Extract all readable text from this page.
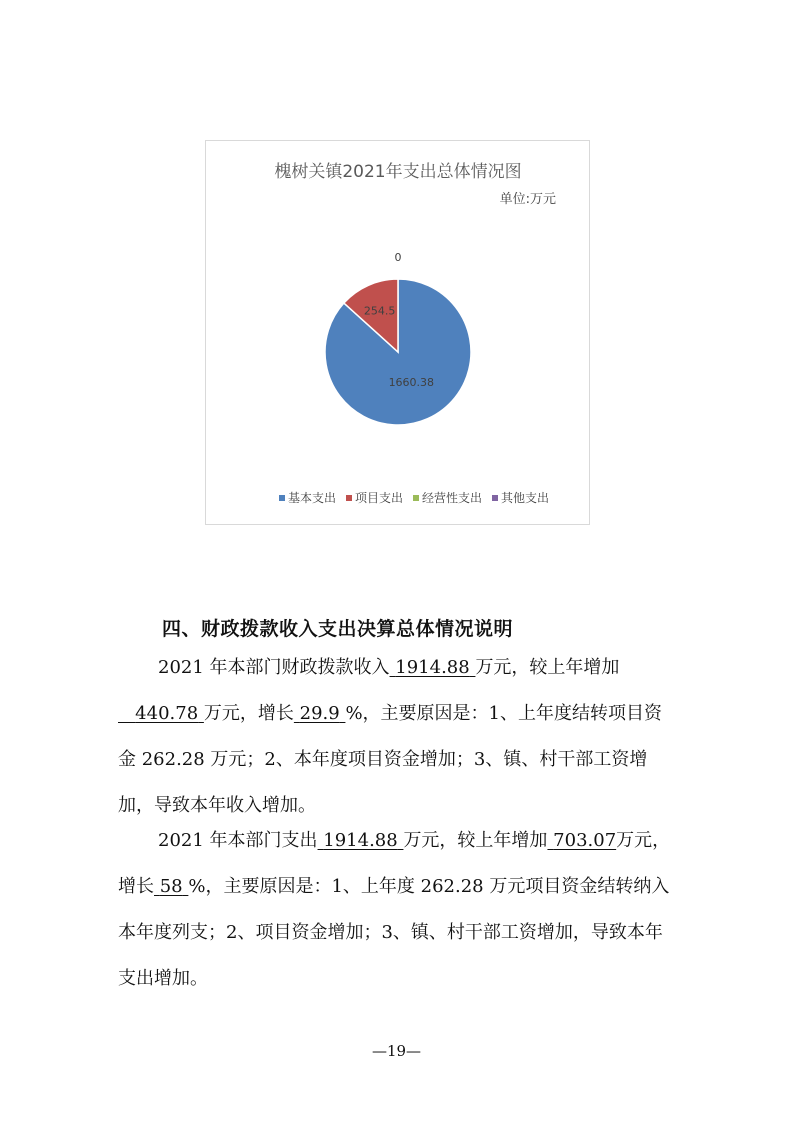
槐树关镇2021年支出总体情况图
单位:万元
1660.38
254.5
0
基本支出 项目支出 经营性支出 其他支出
四、财政拨款收入支出决算总体情况说明

2021 年本部门财政拨款收入 1914.88 万元，较上年增加   440.78 万元，增长 29.9 %，主要原因是：1、上年度结转项目资金 262.28 万元；2、本年度项目资金增加；3、镇、村干部工资增加，导致本年收入增加。

2021 年本部门支出 1914.88 万元，较上年增加 703.07万元，增长 58 %，主要原因是：1、上年度 262.28 万元项目资金结转纳入本年度列支；2、项目资金增加；3、镇、村干部工资增加，导致本年支出增加。

—19—
